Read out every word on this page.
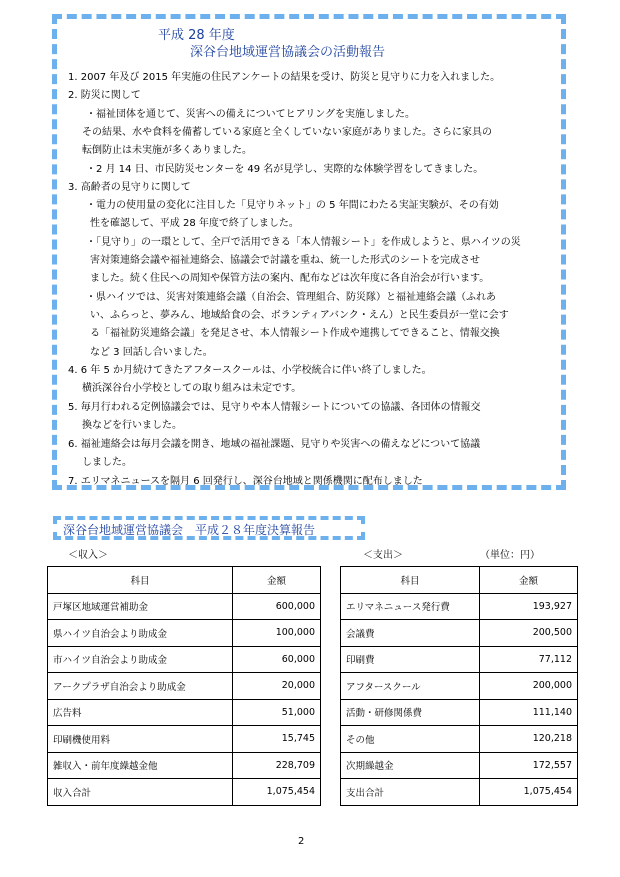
平成 28 年度
深谷台地域運営協議会の活動報告
1. 2007 年及び 2015 年実施の住民アンケートの結果を受け、防災と見守りに力を入れました。
2. 防災に関して
・福祉団体を通じて、災害への備えについてヒアリングを実施しました。
その結果、水や食料を備蓄している家庭と全くしていない家庭がありました。さらに家具の
転倒防止は未実施が多くありました。
・2 月 14 日、市民防災センターを 49 名が見学し、実際的な体験学習をしてきました。
3. 高齢者の見守りに関して
・電力の使用量の変化に注目した「見守りネット」の 5 年間にわたる実証実験が、その有効
性を確認して、平成 28 年度で終了しました。
・「見守り」の一環として、全戸で活用できる「本人情報シート」を作成しようと、県ハイツの災
害対策連絡会議や福祉連絡会、協議会で討議を重ね、統一した形式のシートを完成させ
ました。続く住民への周知や保管方法の案内、配布などは次年度に各自治会が行います。
・県ハイツでは、災害対策連絡会議（自治会、管理組合、防災隊）と福祉連絡会議（ふれあ
い、ふらっと、夢みん、地域給食の会、ボランティアバンク・えん）と民生委員が一堂に会す
る「福祉防災連絡会議」を発足させ、本人情報シート作成や連携してできること、情報交換
など 3 回話し合いました。
4. 6 年 5 か月続けてきたアフタースクールは、小学校統合に伴い終了しました。
横浜深谷台小学校としての取り組みは未定です。
5. 毎月行われる定例協議会では、見守りや本人情報シートについての協議、各団体の情報交
換などを行いました。
6. 福祉連絡会は毎月会議を開き、地域の福祉課題、見守りや災害への備えなどについて協議
しました。
7. エリマネニュースを隔月 6 回発行し、深谷台地域と関係機関に配布しました
深谷台地域運営協議会　平成２８年度決算報告
＜収入＞	＜支出＞	（単位：円）
科目	金額
戸塚区地域運営補助金	600,000
県ハイツ自治会より助成金	100,000
市ハイツ自治会より助成金	60,000
アークプラザ自治会より助成金	20,000
広告料	51,000
印刷機使用料	15,745
雑収入・前年度繰越金他	228,709
収入合計	1,075,454
科目	金額
エリマネニュース発行費	193,927
会議費	200,500
印刷費	77,112
アフタースクール	200,000
活動・研修関係費	111,140
その他	120,218
次期繰越金	172,557
支出合計	1,075,454
2
